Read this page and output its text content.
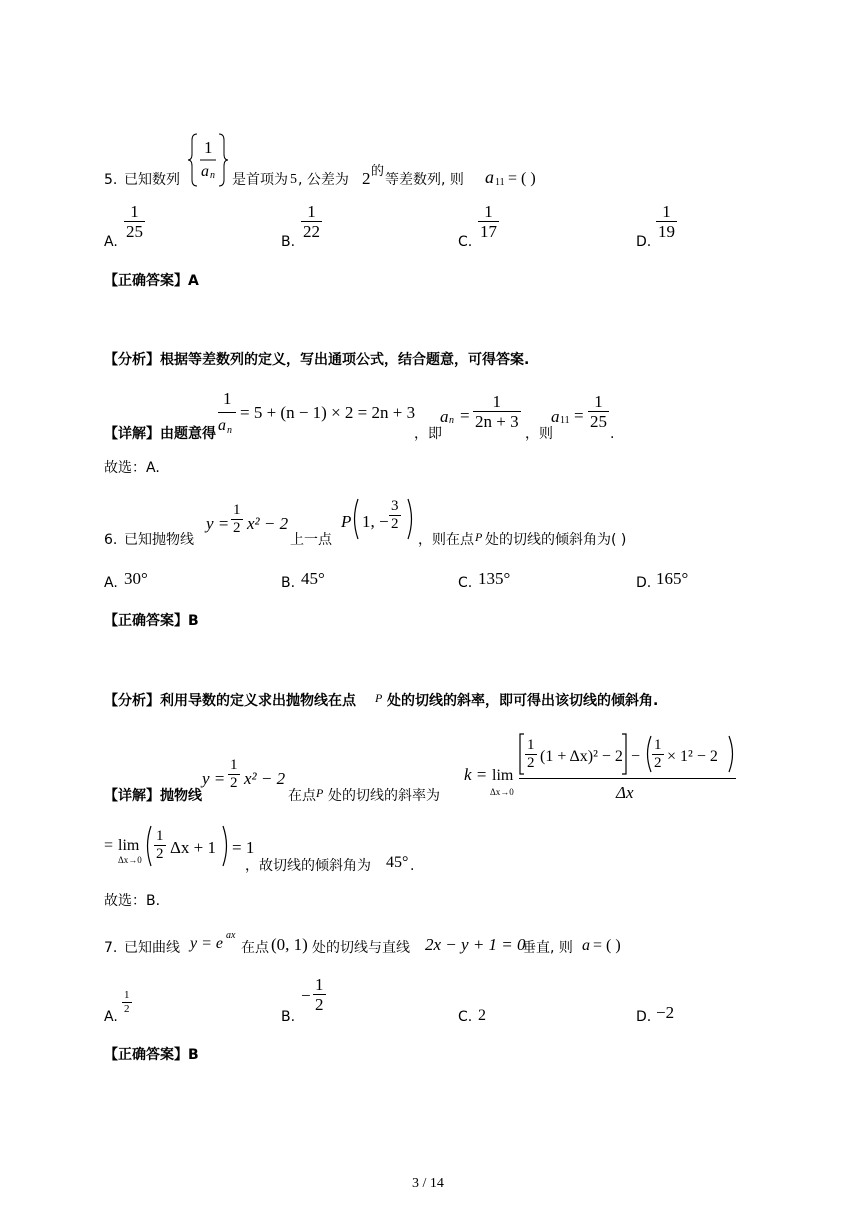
5. 已知数列
1
a n 是首项为 5 , 公差为 2 的
等差数列, 则 a 11 = ( )
A.
$\frac{1}{25}$
B.
$\frac{1}{22}$
C.
$\frac{1}{17}$
D.
$\frac{1}{19}$
【正确答案】A
【分析】根据等差数列的定义，写出通项公式，结合题意，可得答案.
【详解】由题意得
1
a n
= 5 + (n − 1) × 2 = 2n + 3
，即
a $n = \frac{1}{2n + 3}$
，则
a $11 = \frac{1}{25}$
.
故选：A.
6. 已知抛物线
$y = \frac{1}{2} x^2 - 2$
上一点
P 1, − $\frac{3}{2}$
，则在点 P 处的切线的倾斜角为( )
A. 30°	B. 45°	C. 135°	D. 165°
【正确答案】B
【分析】利用导数的定义求出抛物线在点 P 处的切线的斜率，即可得出该切线的倾斜角.
【详解】抛物线
$y = \frac{1}{2} x^2 - 2$
在点 P 处的切线的斜率为
k = lim
Δx→0
$\frac{1}{2} (1 + \Delta x)^2 - 2 - \frac{1}{2} \times 1^2 - 2$
Δx
= lim
$\Delta x\to 0 \frac{1}{2}$ Δx + 1 = 1
，故切线的倾斜角为 45° .
故选：B.
7. 已知曲线 y = e ax
在点 (0, 1) 处的切线与直线 2x − y + 1 = 0
垂直, 则 a = ( )
A.
$\frac{1}{2}$
B.
− $\frac{1}{2}$
C. 2	D. −2
【正确答案】B
3 / 14
